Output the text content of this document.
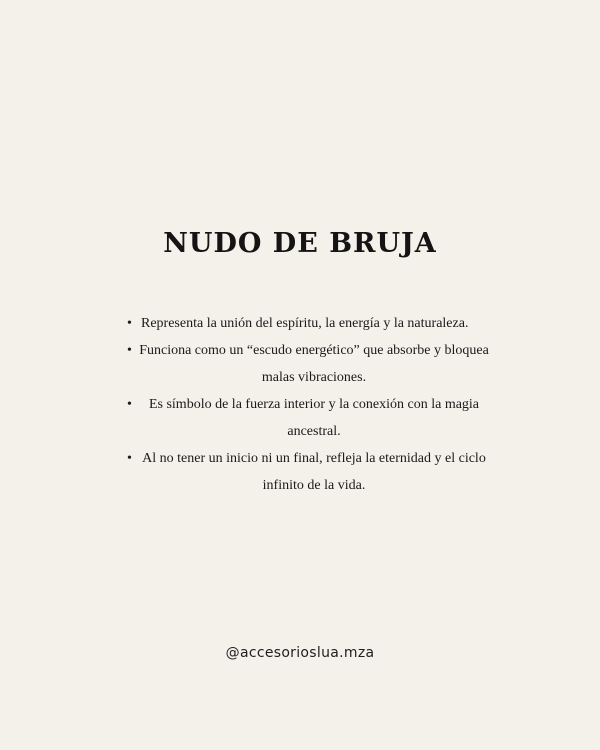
NUDO DE BRUJA
• Representa la unión del espíritu, la energía y la naturaleza.
• Funciona como un “escudo energético” que absorbe y bloquea malas vibraciones.
• Es símbolo de la fuerza interior y la conexión con la magia ancestral.
• Al no tener un inicio ni un final, refleja la eternidad y el ciclo infinito de la vida.
@accesorioslua.mza
